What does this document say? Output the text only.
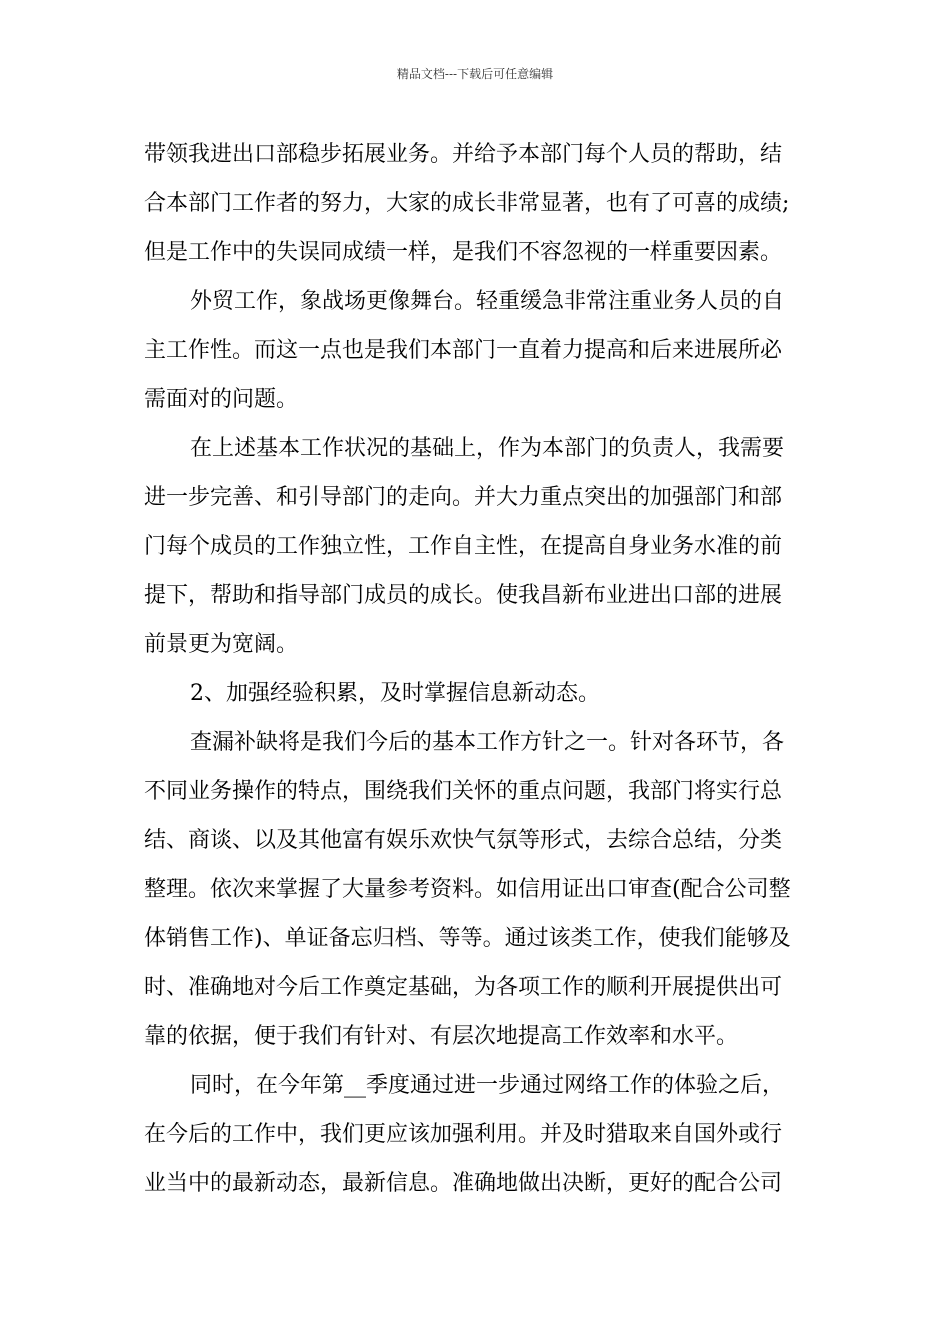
精品文档---下载后可任意编辑
带领我进出口部稳步拓展业务。并给予本部门每个人员的帮助，结
合本部门工作者的努力，大家的成长非常显著，也有了可喜的成绩;
但是工作中的失误同成绩一样，是我们不容忽视的一样重要因素。
外贸工作，象战场更像舞台。轻重缓急非常注重业务人员的自
主工作性。而这一点也是我们本部门一直着力提高和后来进展所必
需面对的问题。
在上述基本工作状况的基础上，作为本部门的负责人，我需要
进一步完善、和引导部门的走向。并大力重点突出的加强部门和部
门每个成员的工作独立性，工作自主性，在提高自身业务水准的前
提下，帮助和指导部门成员的成长。使我昌新布业进出口部的进展
前景更为宽阔。
2、加强经验积累，及时掌握信息新动态。
查漏补缺将是我们今后的基本工作方针之一。针对各环节，各
不同业务操作的特点，围绕我们关怀的重点问题，我部门将实行总
结、商谈、以及其他富有娱乐欢快气氛等形式，去综合总结，分类
整理。依次来掌握了大量参考资料。如信用证出口审查(配合公司整
体销售工作)、单证备忘归档、等等。通过该类工作，使我们能够及
时、准确地对今后工作奠定基础，为各项工作的顺利开展提供出可
靠的依据，便于我们有针对、有层次地提高工作效率和水平。
同时，在今年第__季度通过进一步通过网络工作的体验之后，
在今后的工作中，我们更应该加强利用。并及时猎取来自国外或行
业当中的最新动态，最新信息。准确地做出决断，更好的配合公司
